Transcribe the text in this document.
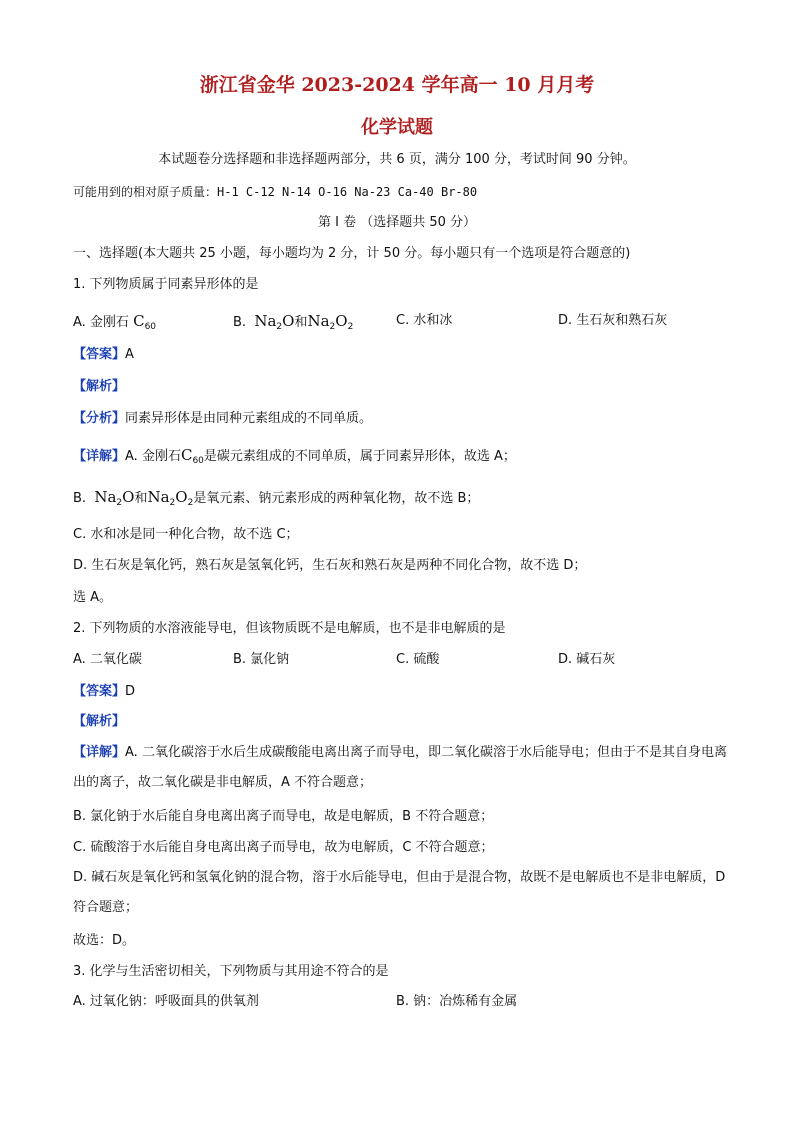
浙江省金华 2023-2024 学年高一 10 月月考
化学试题
本试题卷分选择题和非选择题两部分，共 6 页，满分 100 分，考试时间 90 分钟。
可能用到的相对原子质量：H-1 C-12 N-14 O-16 Na-23 Ca-40 Br-80
第 I 卷 （选择题共 50 分）
一、选择题(本大题共 25 小题，每小题均为 2 分，计 50 分。每小题只有一个选项是符合题意的)
1. 下列物质属于同素异形体的是
A. 金刚石 $C_{60}$	B. $Na_2O$和$Na_2O_2$	C. 水和冰	D. 生石灰和熟石灰
【答案】A
【解析】
【分析】同素异形体是由同种元素组成的不同单质。
【详解】A. 金刚石$C_{60}$是碳元素组成的不同单质，属于同素异形体，故选 A；
B. $Na_2O$和$Na_2O_2$是氧元素、钠元素形成的两种氧化物，故不选 B；
C. 水和冰是同一种化合物，故不选 C；
D. 生石灰是氧化钙，熟石灰是氢氧化钙，生石灰和熟石灰是两种不同化合物，故不选 D；
选 A。
2. 下列物质的水溶液能导电，但该物质既不是电解质，也不是非电解质的是
A. 二氧化碳	B. 氯化钠	C. 硫酸	D. 碱石灰
【答案】D
【解析】
【详解】A. 二氧化碳溶于水后生成碳酸能电离出离子而导电，即二氧化碳溶于水后能导电；但由于不是其自身电离出的离子，故二氧化碳是非电解质，A 不符合题意；
B. 氯化钠于水后能自身电离出离子而导电，故是电解质，B 不符合题意；
C. 硫酸溶于水后能自身电离出离子而导电，故为电解质，C 不符合题意；
D. 碱石灰是氧化钙和氢氧化钠的混合物，溶于水后能导电，但由于是混合物，故既不是电解质也不是非电解质，D 符合题意；
故选：D。
3. 化学与生活密切相关，下列物质与其用途不符合的是
A. 过氧化钠：呼吸面具的供氧剂	B. 钠：冶炼稀有金属
